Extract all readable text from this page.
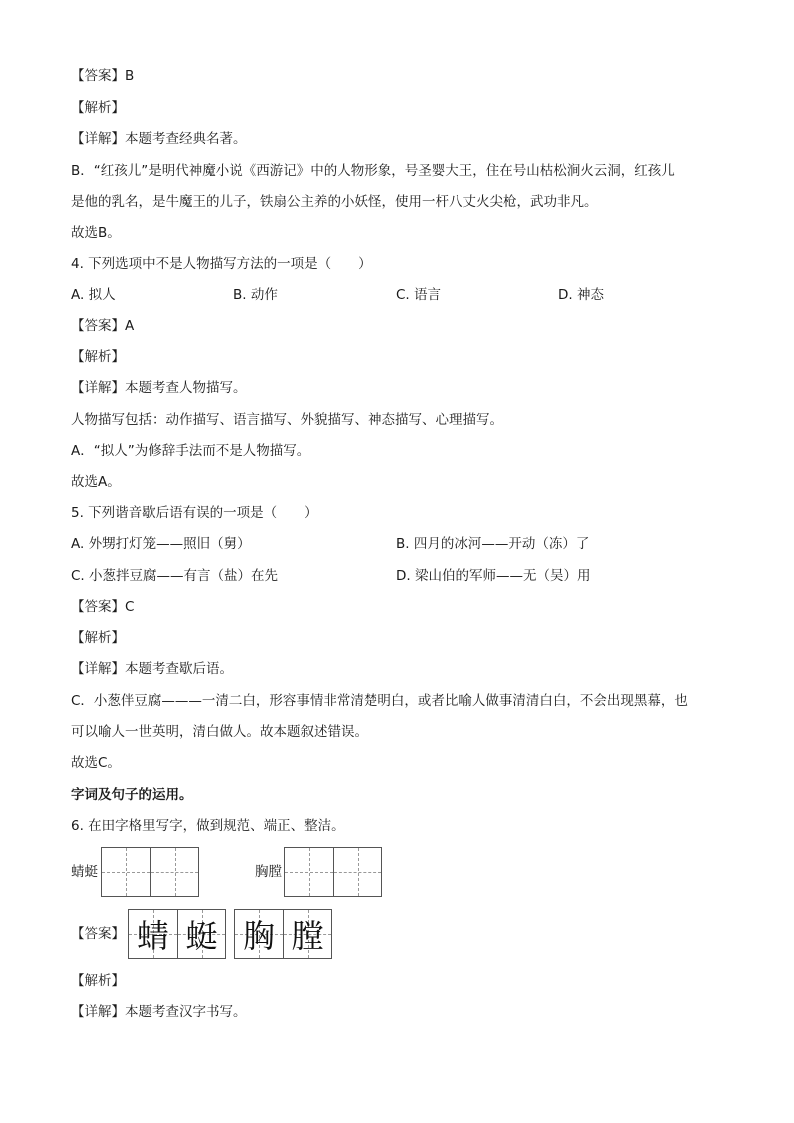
【答案】B
【解析】
【详解】本题考查经典名著。
B．“红孩儿”是明代神魔小说《西游记》中的人物形象，号圣婴大王，住在号山枯松涧火云洞，红孩儿
是他的乳名，是牛魔王的儿子，铁扇公主养的小妖怪，使用一杆八丈火尖枪，武功非凡。
故选B。
4. 下列选项中不是人物描写方法的一项是（　　）
A. 拟人	B. 动作	C. 语言	D. 神态
【答案】A
【解析】
【详解】本题考查人物描写。
人物描写包括：动作描写、语言描写、外貌描写、神态描写、心理描写。
A．“拟人”为修辞手法而不是人物描写。
故选A。
5. 下列谐音歇后语有误的一项是（　　）
A. 外甥打灯笼——照旧（舅）	B. 四月的冰河——开动（冻）了
C. 小葱拌豆腐——有言（盐）在先	D. 梁山伯的军师——无（吴）用
【答案】C
【解析】
【详解】本题考查歇后语。
C．小葱伴豆腐———一清二白，形容事情非常清楚明白，或者比喻人做事清清白白，不会出现黑幕，也
可以喻人一世英明，清白做人。故本题叙述错误。
故选C。
字词及句子的运用。
6. 在田字格里写字，做到规范、端正、整洁。
蜻蜓	胸膛
【答案】 蜻 蜓 胸 膛
【解析】
【详解】本题考查汉字书写。
